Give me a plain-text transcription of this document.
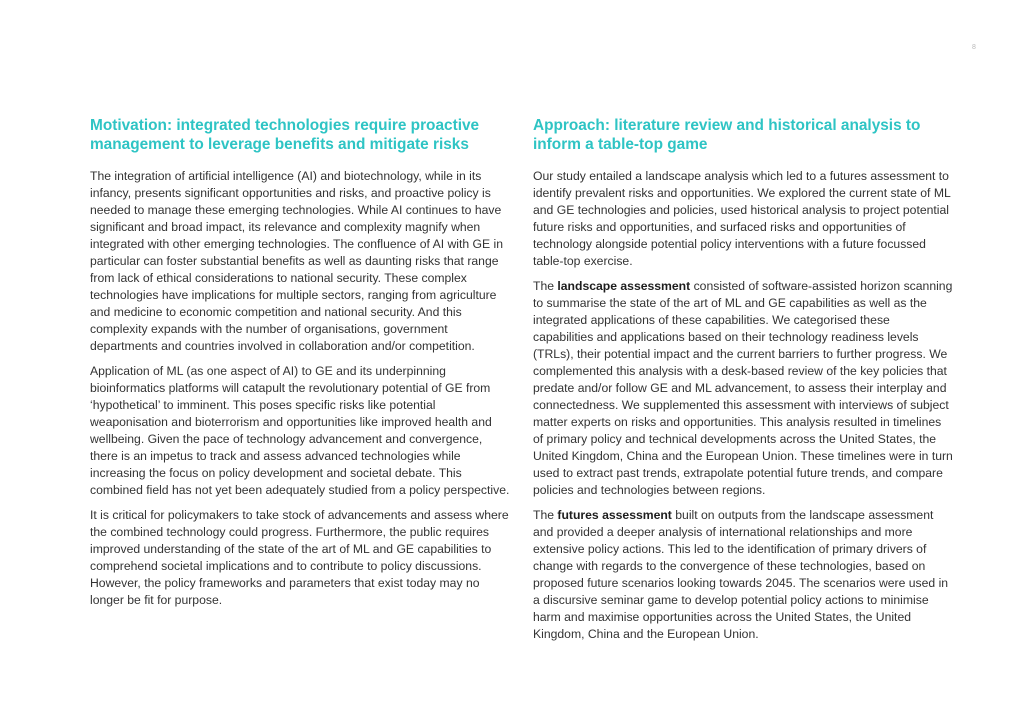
8
Motivation: integrated technologies require proactive management to leverage benefits and mitigate risks

The integration of artificial intelligence (AI) and biotechnology, while in its infancy, presents significant opportunities and risks, and proactive policy is needed to manage these emerging technologies. While AI continues to have significant and broad impact, its relevance and complexity magnify when integrated with other emerging technologies. The confluence of AI with GE in particular can foster substantial benefits as well as daunting risks that range from lack of ethical considerations to national security. These complex technologies have implications for multiple sectors, ranging from agriculture and medicine to economic competition and national security. And this complexity expands with the number of organisations, government departments and countries involved in collaboration and/or competition.

Application of ML (as one aspect of AI) to GE and its underpinning bioinformatics platforms will catapult the revolutionary potential of GE from ‘hypothetical’ to imminent. This poses specific risks like potential weaponisation and bioterrorism and opportunities like improved health and wellbeing. Given the pace of technology advancement and convergence, there is an impetus to track and assess advanced technologies while increasing the focus on policy development and societal debate. This combined field has not yet been adequately studied from a policy perspective.

It is critical for policymakers to take stock of advancements and assess where the combined technology could progress. Furthermore, the public requires improved understanding of the state of the art of ML and GE capabilities to comprehend societal implications and to contribute to policy discussions. However, the policy frameworks and parameters that exist today may no longer be fit for purpose.

Approach: literature review and historical analysis to inform a table-top game

Our study entailed a landscape analysis which led to a futures assessment to identify prevalent risks and opportunities. We explored the current state of ML and GE technologies and policies, used historical analysis to project potential future risks and opportunities, and surfaced risks and opportunities of technology alongside potential policy interventions with a future focussed table-top exercise.

The landscape assessment consisted of software-assisted horizon scanning to summarise the state of the art of ML and GE capabilities as well as the integrated applications of these capabilities. We categorised these capabilities and applications based on their technology readiness levels (TRLs), their potential impact and the current barriers to further progress. We complemented this analysis with a desk-based review of the key policies that predate and/or follow GE and ML advancement, to assess their interplay and connectedness. We supplemented this assessment with interviews of subject matter experts on risks and opportunities. This analysis resulted in timelines of primary policy and technical developments across the United States, the United Kingdom, China and the European Union. These timelines were in turn used to extract past trends, extrapolate potential future trends, and compare policies and technologies between regions.

The futures assessment built on outputs from the landscape assessment and provided a deeper analysis of international relationships and more extensive policy actions. This led to the identification of primary drivers of change with regards to the convergence of these technologies, based on proposed future scenarios looking towards 2045. The scenarios were used in a discursive seminar game to develop potential policy actions to minimise harm and maximise opportunities across the United States, the United Kingdom, China and the European Union.
